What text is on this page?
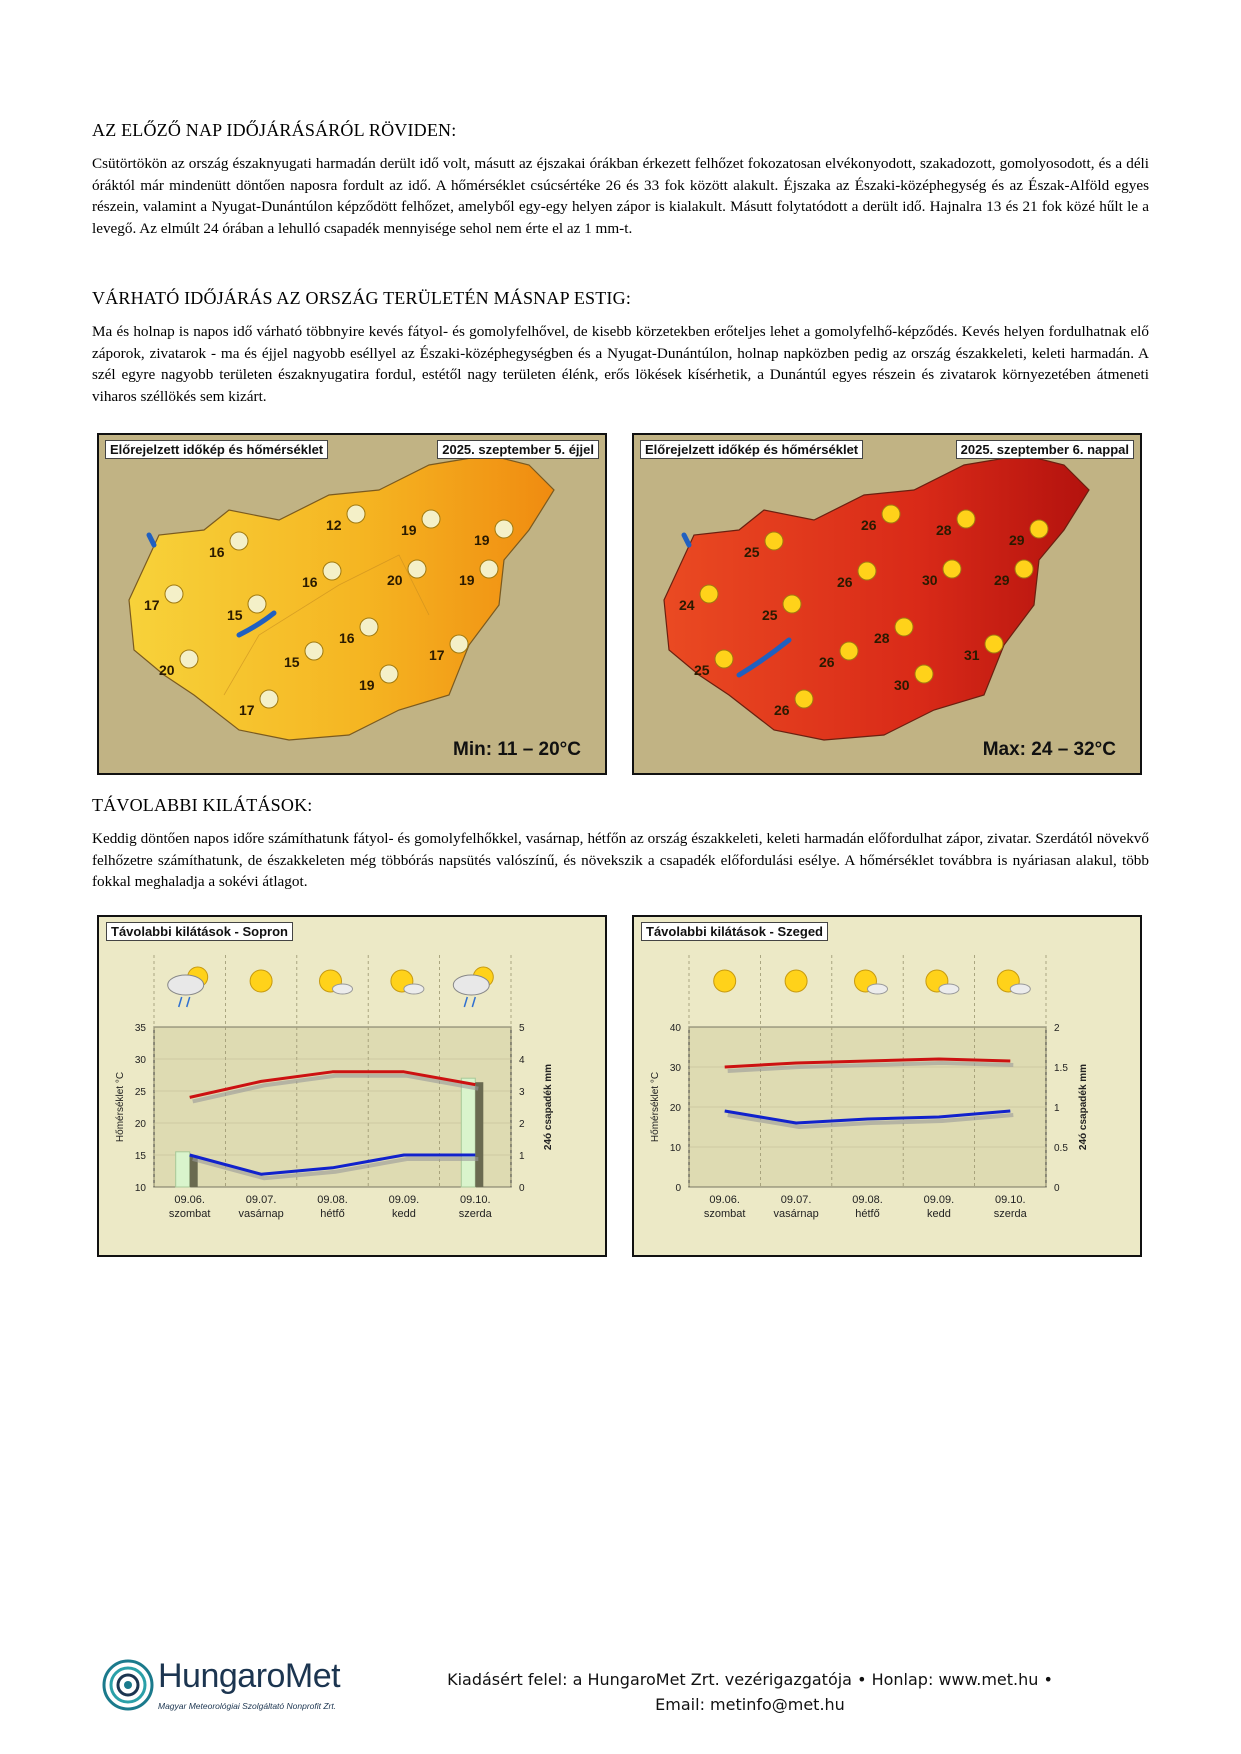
AZ ELŐZŐ NAP IDŐJÁRÁSÁRÓL RÖVIDEN:

Csütörtökön az ország északnyugati harmadán derült idő volt, másutt az éjszakai órákban érkezett felhőzet fokozatosan elvékonyodott, szakadozott, gomolyosodott, és a déli óráktól már mindenütt döntően naposra fordult az idő. A hőmérséklet csúcsértéke 26 és 33 fok között alakult. Éjszaka az Északi-középhegység és az Észak-Alföld egyes részein, valamint a Nyugat-Dunántúlon képződött felhőzet, amelyből egy-egy helyen zápor is kialakult. Másutt folytatódott a derült idő. Hajnalra 13 és 21 fok közé hűlt le a levegő. Az elmúlt 24 órában a lehulló csapadék mennyisége sehol nem érte el az 1 mm-t.

VÁRHATÓ IDŐJÁRÁS AZ ORSZÁG TERÜLETÉN MÁSNAP ESTIG:

Ma és holnap is napos idő várható többnyire kevés fátyol- és gomolyfelhővel, de kisebb körzetekben erőteljes lehet a gomolyfelhő-képződés. Kevés helyen fordulhatnak elő záporok, zivatarok - ma és éjjel nagyobb eséllyel az Északi-középhegységben és a Nyugat-Dunántúlon, holnap napközben pedig az ország északkeleti, keleti harmadán. A szél egyre nagyobb területen északnyugatira fordul, estétől nagy területen élénk, erős lökések kísérhetik, a Dunántúl egyes részein és zivatarok környezetében átmeneti viharos széllökés sem kizárt.

12	19
19
16
16	20	19
17
15
16
15	17
20
19
17
Előrejelzett időkép és hőmérséklet	2025. szeptember 5. éjjel
Min: 11 – 20°C
26	28
29
25
26	30	29
24
25
28
26	31
25
30
26
Előrejelzett időkép és hőmérséklet	2025. szeptember 6. nappal
Max: 24 – 32°C
TÁVOLABBI KILÁTÁSOK:

Keddig döntően napos időre számíthatunk fátyol- és gomolyfelhőkkel, vasárnap, hétfőn az ország északkeleti, keleti harmadán előfordulhat zápor, zivatar. Szerdától növekvő felhőzetre számíthatunk, de északkeleten még többórás napsütés valószínű, és növekszik a csapadék előfordulási esélye. A hőmérséklet továbbra is nyáriasan alakul, több fokkal meghaladja a sokévi átlagot.

35
30
25
20
15
10
5
4
3
2
1
0
Hőmérséklet °C	24ó csapadék mm
09.06.
szombat
09.07.
vasárnap
09.08.
hétfő
09.09.
kedd
09.10.
szerda
Távolabbi kilátások - Sopron
40
30
20
10
0
2
1.5
1
0.5
0
Hőmérséklet °C	24ó csapadék mm
09.06.
szombat
09.07.
vasárnap
09.08.
hétfő
09.09.
kedd
09.10.
szerda
Távolabbi kilátások - Szeged
HungaroMet
Magyar Meteorológiai Szolgáltató Nonprofit Zrt.
Kiadásért felel: a HungaroMet Zrt. vezérigazgatója • Honlap: www.met.hu •
Email: metinfo@met.hu
